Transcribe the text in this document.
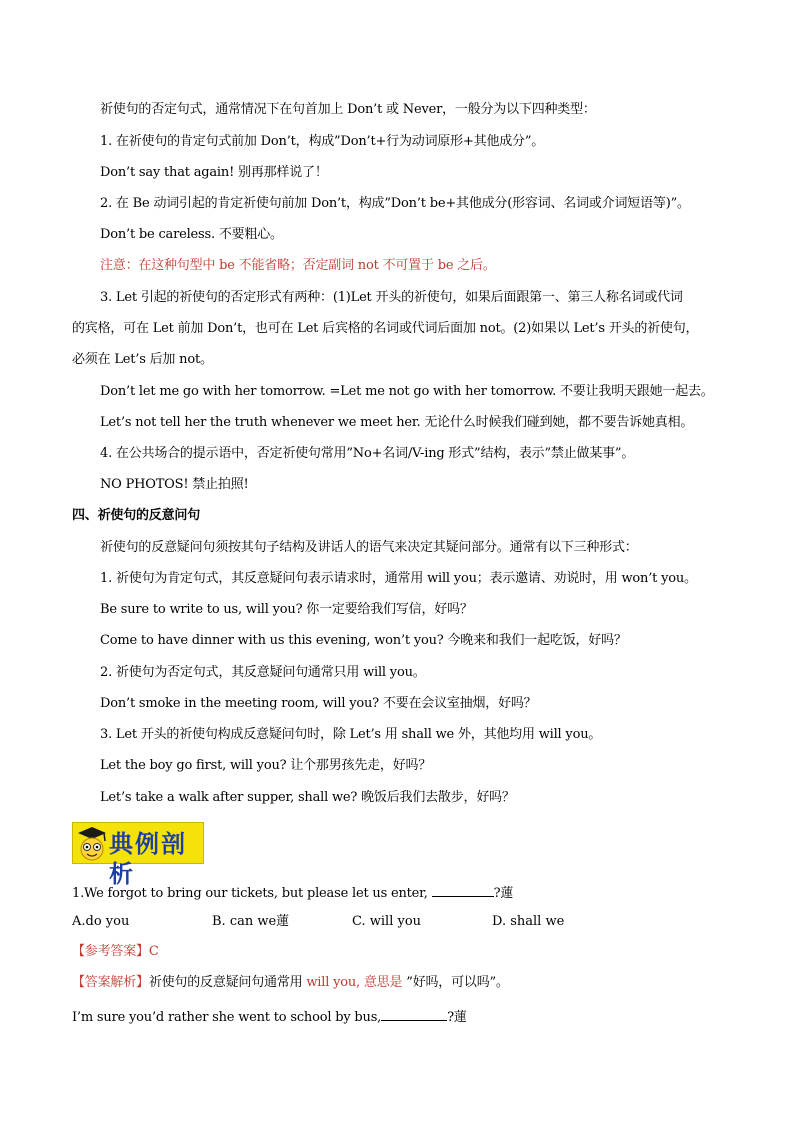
祈使句的否定句式，通常情况下在句首加上 Don’t 或 Never，一般分为以下四种类型：
1. 在祈使句的肯定句式前加 Don’t，构成”Don’t+行为动词原形+其他成分”。
Don’t say that again! 别再那样说了！
2. 在 Be 动词引起的肯定祈使句前加 Don’t，构成”Don’t be+其他成分(形容词、名词或介词短语等)”。
Don’t be careless. 不要粗心。
注意：在这种句型中 be 不能省略；否定副词 not 不可置于 be 之后。
3. Let 引起的祈使句的否定形式有两种：(1)Let 开头的祈使句，如果后面跟第一、第三人称名词或代词
的宾格，可在 Let 前加 Don’t，也可在 Let 后宾格的名词或代词后面加 not。(2)如果以 Let’s 开头的祈使句，
必须在 Let’s 后加 not。
Don’t let me go with her tomorrow. =Let me not go with her tomorrow. 不要让我明天跟她一起去。
Let’s not tell her the truth whenever we meet her. 无论什么时候我们碰到她，都不要告诉她真相。
4. 在公共场合的提示语中，否定祈使句常用”No+名词/V-ing 形式”结构，表示”禁止做某事”。
NO PHOTOS! 禁止拍照!
四、祈使句的反意问句
祈使句的反意疑问句须按其句子结构及讲话人的语气来决定其疑问部分。通常有以下三种形式：
1. 祈使句为肯定句式，其反意疑问句表示请求时，通常用 will you；表示邀请、劝说时，用 won’t you。
Be sure to write to us, will you? 你一定要给我们写信，好吗？
Come to have dinner with us this evening, won’t you? 今晚来和我们一起吃饭，好吗？
2. 祈使句为否定句式，其反意疑问句通常只用 will you。
Don’t smoke in the meeting room, will you? 不要在会议室抽烟，好吗？
3. Let 开头的祈使句构成反意疑问句时，除 Let’s 用 shall we 外，其他均用 will you。
Let the boy go first, will you? 让个那男孩先走，好吗？
Let’s take a walk after supper, shall we? 晚饭后我们去散步，好吗？
典例剖析
1.We forgot to bring our tickets, but please let us enter,	?蓮
A.do you	B. can we蓮	C. will you	D. shall we
【参考答案】C
【答案解析】祈使句的反意疑问句通常用 will you, 意思是 ”好吗，可以吗”。
I’m sure you’d rather she went to school by bus,	?蓮
